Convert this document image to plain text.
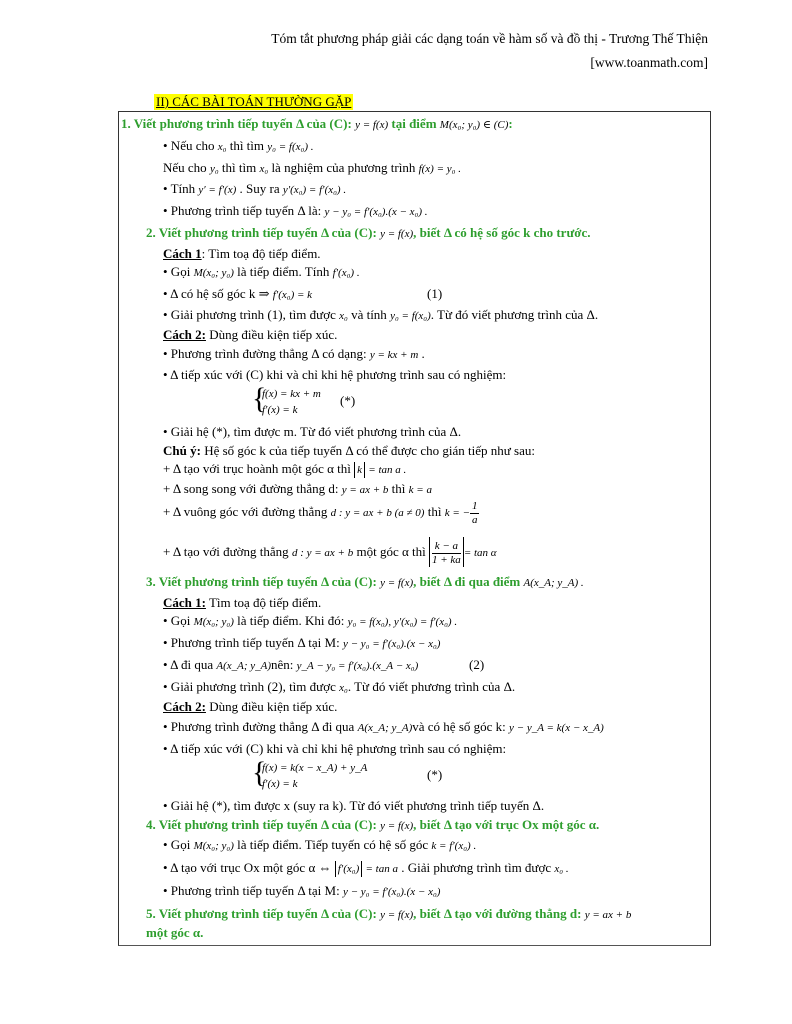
Tóm tắt phương pháp giải các dạng toán về hàm số và đồ thị - Trương Thế Thiện
[www.toanmath.com]
II) CÁC BÀI TOÁN THƯỜNG GẶP
1. Viết phương trình tiếp tuyến Δ của (C): y = f(x) tại điểm M(x₀; y₀) ∈ (C):
• Nếu cho x₀ thì tìm y₀ = f(x₀) .
Nếu cho y₀ thì tìm x₀ là nghiệm của phương trình f(x) = y₀ .
• Tính y′ = f′(x) . Suy ra y′(x₀) = f′(x₀) .
• Phương trình tiếp tuyến Δ là: y − y₀ = f′(x₀).(x − x₀) .
2. Viết phương trình tiếp tuyến Δ của (C): y = f(x), biết Δ có hệ số góc k cho trước.
Cách 1: Tìm toạ độ tiếp điểm.
• Gọi M(x₀; y₀) là tiếp điểm. Tính f′(x₀) .
• Δ có hệ số góc k ⇒ f′(x₀) = k	(1)
• Giải phương trình (1), tìm được x₀ và tính y₀ = f(x₀). Từ đó viết phương trình của Δ.
Cách 2: Dùng điều kiện tiếp xúc.
• Phương trình đường thẳng Δ có dạng: y = kx + m .
• Δ tiếp xúc với (C) khi và chỉ khi hệ phương trình sau có nghiệm:
{
f(x) = kx + m
f′(x) = k
(*)
• Giải hệ (*), tìm được m. Từ đó viết phương trình của Δ.
Chú ý: Hệ số góc k của tiếp tuyến Δ có thể được cho gián tiếp như sau:
+ Δ tạo với trục hoành một góc α thì k = tan a .
+ Δ song song với đường thẳng d: y = ax + b thì k = a
+ Δ vuông góc với đường thẳng d : y = ax + b (a ≠ 0) thì k = − $\frac{1}{a}$
+ Δ tạo với đường thẳng d : y = ax + b một góc α thì $\frac{k - a}{1 + ka} = \tan \alpha$
3. Viết phương trình tiếp tuyến Δ của (C): y = f(x), biết Δ đi qua điểm A(x_A; y_A) .
Cách 1: Tìm toạ độ tiếp điểm.
• Gọi M(x₀; y₀) là tiếp điểm. Khi đó: y₀ = f(x₀), y′(x₀) = f′(x₀) .
• Phương trình tiếp tuyến Δ tại M: y − y₀ = f′(x₀).(x − x₀)
• Δ đi qua A(x_A; y_A)nên: y_A − y₀ = f′(x₀).(x_A − x₀)	(2)
• Giải phương trình (2), tìm được x₀. Từ đó viết phương trình của Δ.
Cách 2: Dùng điều kiện tiếp xúc.
• Phương trình đường thẳng Δ đi qua A(x_A; y_A)và có hệ số góc k: y − y_A = k(x − x_A)
• Δ tiếp xúc với (C) khi và chỉ khi hệ phương trình sau có nghiệm:
{
f(x) = k(x − x_A) + y_A
f′(x) = k
(*)
• Giải hệ (*), tìm được x (suy ra k). Từ đó viết phương trình tiếp tuyến Δ.
4. Viết phương trình tiếp tuyến Δ của (C): y = f(x), biết Δ tạo với trục Ox một góc α.
• Gọi M(x₀; y₀) là tiếp điểm. Tiếp tuyến có hệ số góc k = f′(x₀) .
• Δ tạo với trục Ox một góc α ⇔ f′(x₀) = tan a . Giải phương trình tìm được x₀ .
• Phương trình tiếp tuyến Δ tại M: y − y₀ = f′(x₀).(x − x₀)
5. Viết phương trình tiếp tuyến Δ của (C): y = f(x), biết Δ tạo với đường thẳng d: y = ax + b
một góc α.
